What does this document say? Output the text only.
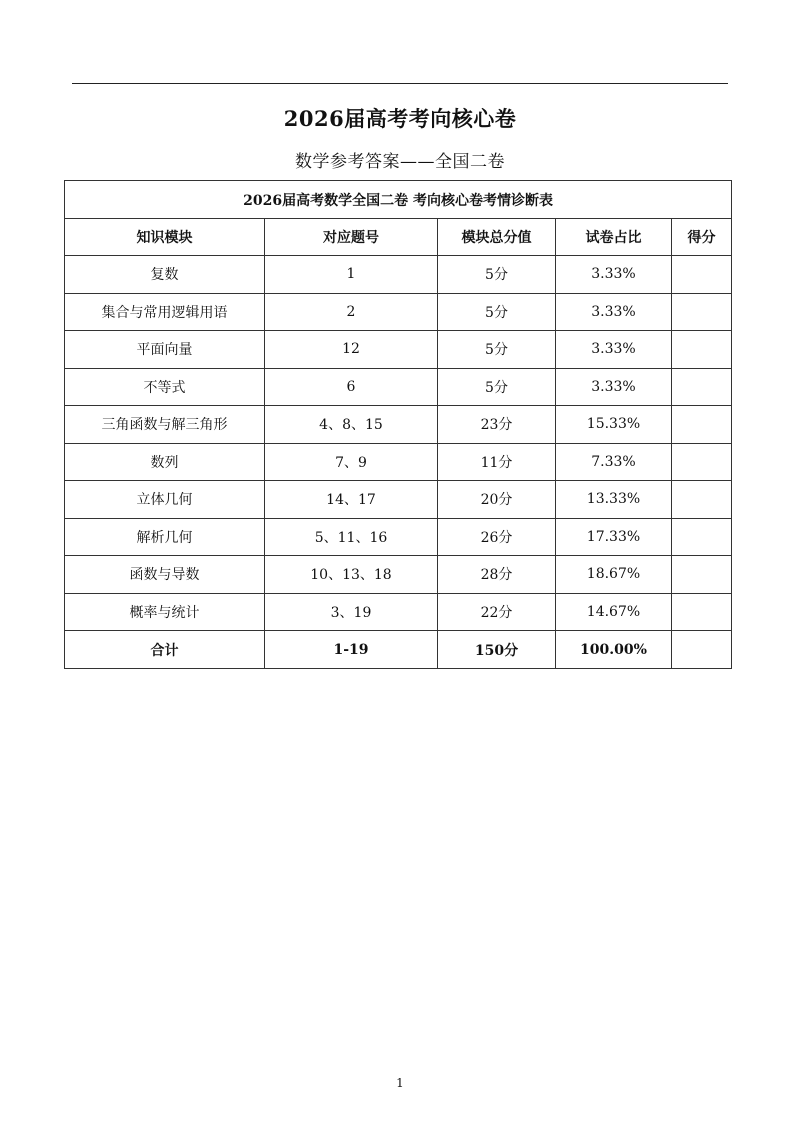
2026届高考考向核心卷
数学参考答案——全国二卷
2026届高考数学全国二卷 考向核心卷考情诊断表				
知识模块	对应题号	模块总分值	试卷占比	得分
复数	1	5分	3.33%	
集合与常用逻辑用语	2	5分	3.33%	
平面向量	12	5分	3.33%	
不等式	6	5分	3.33%	
三角函数与解三角形	4、8、15	23分	15.33%	
数列	7、9	11分	7.33%	
立体几何	14、17	20分	13.33%	
解析几何	5、11、16	26分	17.33%	
函数与导数	10、13、18	28分	18.67%	
概率与统计	3、19	22分	14.67%	
合计	1-19	150分	100.00%	
1
